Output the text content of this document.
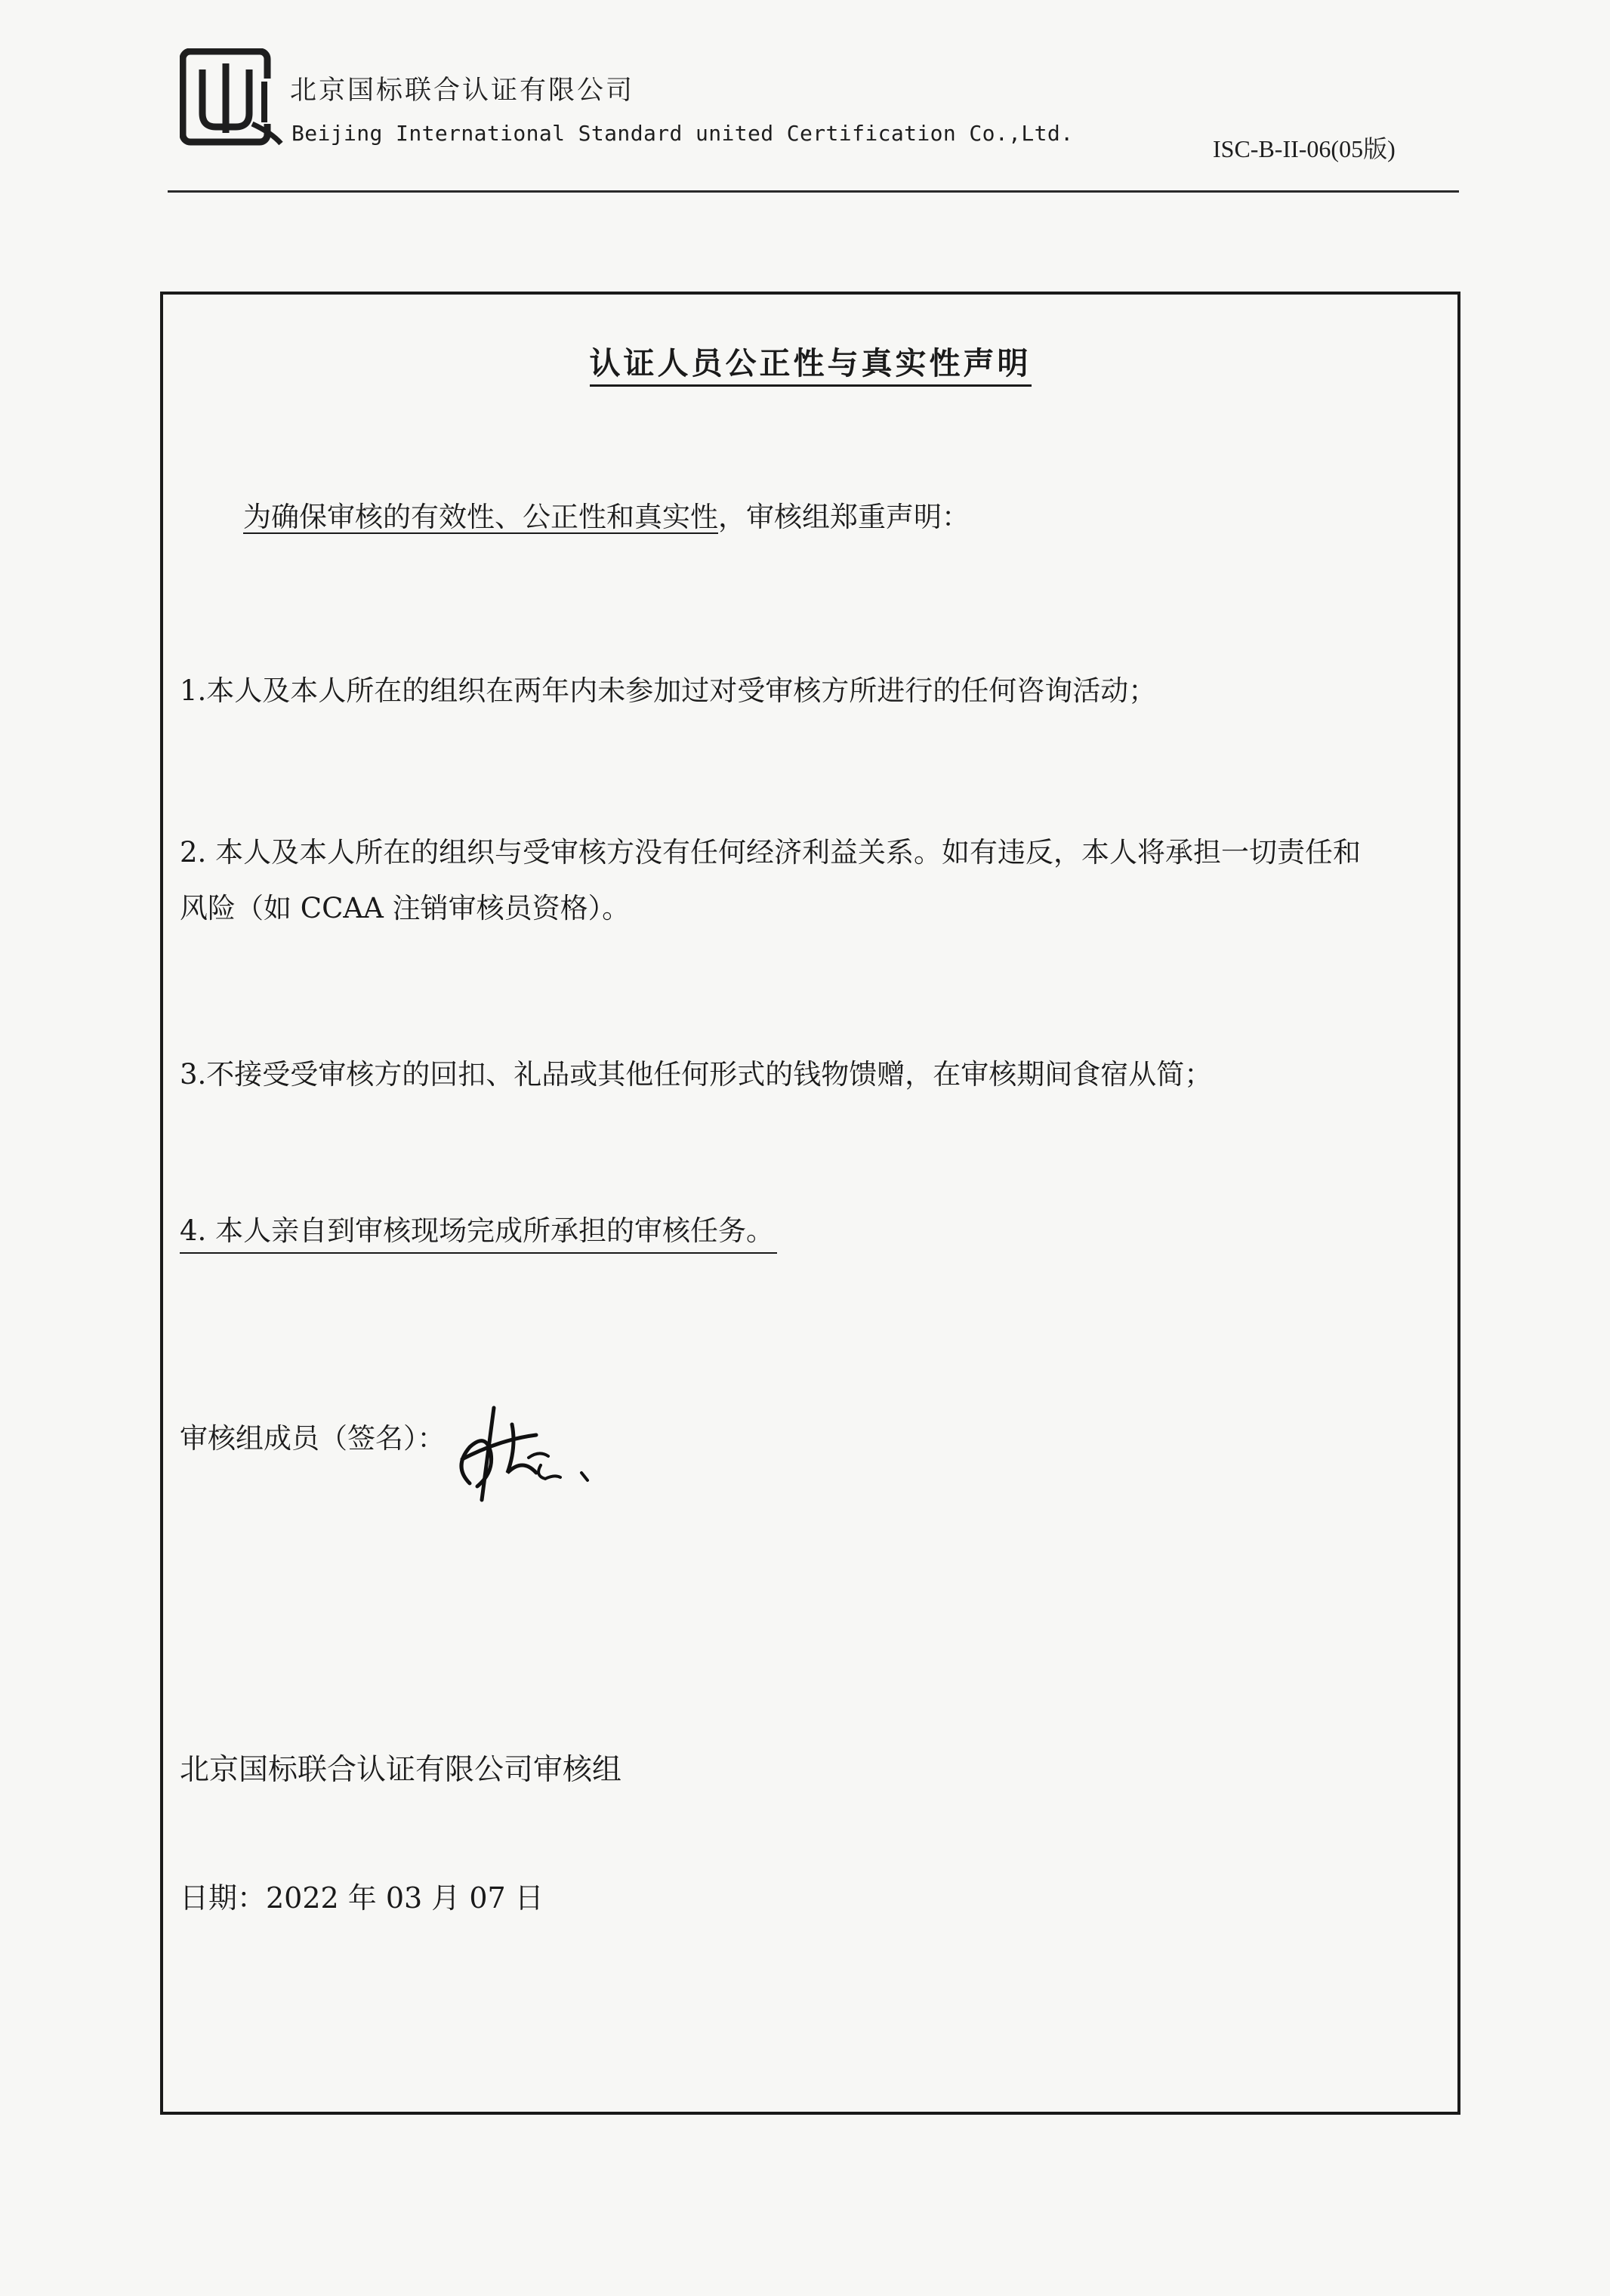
北京国标联合认证有限公司
Beijing International Standard united Certification Co.,Ltd.
ISC-B-II-06(05版)
认证人员公正性与真实性声明
为确保审核的有效性、公正性和真实性，审核组郑重声明：
1.本人及本人所在的组织在两年内未参加过对受审核方所进行的任何咨询活动；
2. 本人及本人所在的组织与受审核方没有任何经济利益关系。如有违反，本人将承担一切责任和
风险（如 CCAA 注销审核员资格）。
3.不接受受审核方的回扣、礼品或其他任何形式的钱物馈赠，在审核期间食宿从简；
4. 本人亲自到审核现场完成所承担的审核任务。
审核组成员（签名）：
北京国标联合认证有限公司审核组
日期：2022 年 03 月 07 日
